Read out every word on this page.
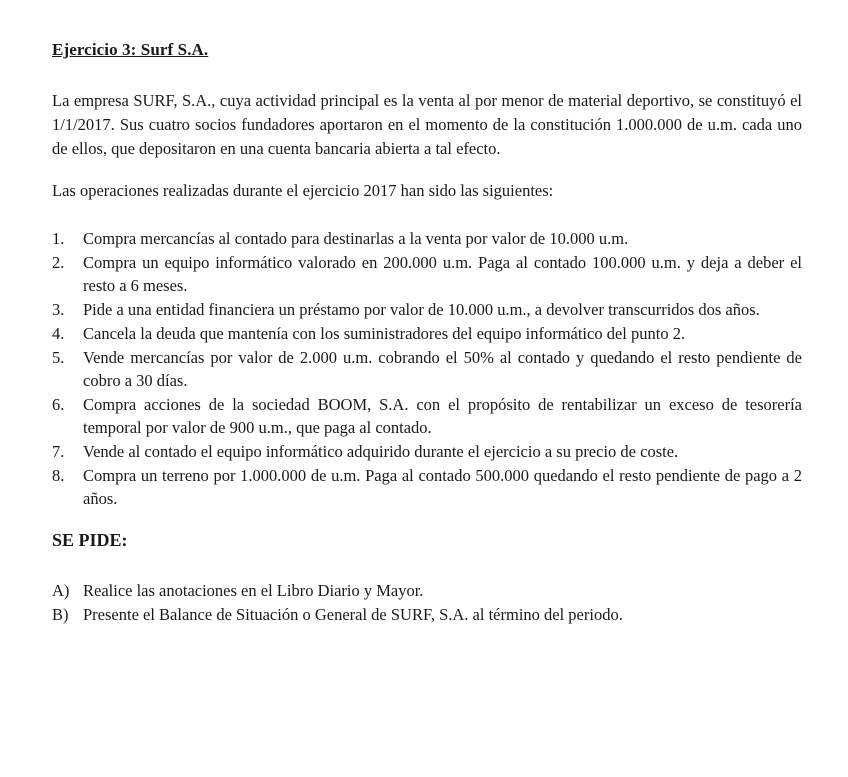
Ejercicio 3: Surf S.A.

La empresa SURF, S.A., cuya actividad principal es la venta al por menor de material deportivo, se constituyó el 1/1/2017. Sus cuatro socios fundadores aportaron en el momento de la constitución 1.000.000 de u.m. cada uno de ellos, que depositaron en una cuenta bancaria abierta a tal efecto.

Las operaciones realizadas durante el ejercicio 2017 han sido las siguientes:

1.	Compra mercancías al contado para destinarlas a la venta por valor de 10.000 u.m.
2.	Compra un equipo informático valorado en 200.000 u.m. Paga al contado 100.000 u.m. y deja a deber el resto a 6 meses.
3.	Pide a una entidad financiera un préstamo por valor de 10.000 u.m., a devolver transcurridos dos años.
4.	Cancela la deuda que mantenía con los suministradores del equipo informático del punto 2.
5.	Vende mercancías por valor de 2.000 u.m. cobrando el 50% al contado y quedando el resto pendiente de cobro a 30 días.
6.	Compra acciones de la sociedad BOOM, S.A. con el propósito de rentabilizar un exceso de tesorería temporal por valor de 900 u.m., que paga al contado.
7.	Vende al contado el equipo informático adquirido durante el ejercicio a su precio de coste.
8.	Compra un terreno por 1.000.000 de u.m. Paga al contado 500.000 quedando el resto pendiente de pago a 2 años.

SE PIDE:

A) Realice las anotaciones en el Libro Diario y Mayor.
B) Presente el Balance de Situación o General de SURF, S.A. al término del periodo.
